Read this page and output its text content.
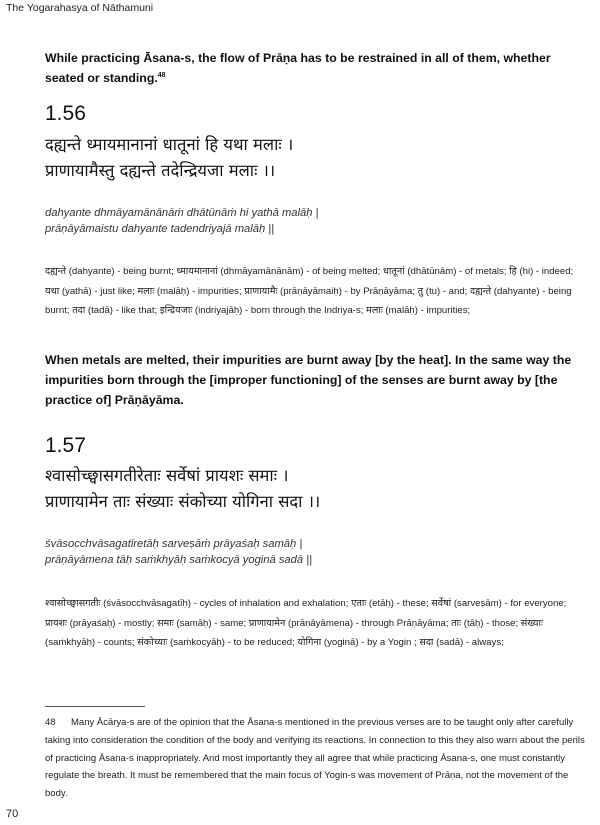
The Yogarahasya of Nāthamuni
While practicing Āsana-s, the flow of Prāṇa has to be restrained in all of them, whether seated or standing.$^{48}$
1.56
दह्यन्ते ध्मायमानानां धातूनां हि यथा मलाः ।
प्राणायामैस्तु दह्यन्ते तदेन्द्रियजा मलाः ।।
dahyante dhmāyamānānāṁ dhātūnāṁ hi yathā malāḥ |
prāṇāyāmaistu dahyante tadendriyajā malāḥ ||
दह्यन्ते (dahyante) - being burnt; ध्मायमानानां (dhmāyamānānām) - of being melted; धातूनां (dhātūnām) - of metals; हि (hi) - indeed; यथा (yathā) - just like; मलाः (malāḥ) - impurities; प्राणायामैः (prāṇāyāmaiḥ) - by Prāṇāyāma; तु (tu) - and; दह्यन्ते (dahyante) - being burnt; तदा (tadā) - like that; इन्द्रियजाः (indriyajāḥ) - born through the Indriya-s; मलाः (malāḥ) - impurities;
When metals are melted, their impurities are burnt away [by the heat]. In the same way the impurities born through the [improper functioning] of the senses are burnt away by [the practice of] Prāṇāyāma.
1.57
श्वासोच्छ्वासगतीरेताः सर्वेषां प्रायशः समाः ।
प्राणायामेन ताः संख्याः संकोच्या योगिना सदा ।।
śvāsocchvāsagatīretāḥ sarveṣāṁ prāyaśaḥ samāḥ |
prāṇāyāmena tāḥ saṁkhyāḥ saṁkocyā yoginā sadā ||
श्वासोच्छ्वासगतीः (śvāsocchvāsagatīḥ) - cycles of inhalation and exhalation; एताः (etāḥ) - these; सर्वेषां (sarveṣām) - for everyone; प्रायशः (prāyaśaḥ) - mostly; समाः (samāḥ) - same; प्राणायामेन (prāṇāyāmena) - through Prāṇāyāma; ताः (tāḥ) - those; संख्याः (saṁkhyāḥ) - counts; संकोच्याः (saṁkocyāḥ) - to be reduced; योगिना (yoginā) - by a Yogin ; सदा (sadā) - always;
48 Many Ācārya-s are of the opinion that the Āsana-s mentioned in the previous verses are to be taught only after carefully taking into consideration the condition of the body and verifying its reactions. In connection to this they also warn about the perils of practicing Āsana-s inappropriately. And most importantly they all agree that while practicing Āsana-s, one must constantly regulate the breath. It must be remembered that the main focus of Yogin-s was movement of Prāṇa, not the movement of the body.
70
